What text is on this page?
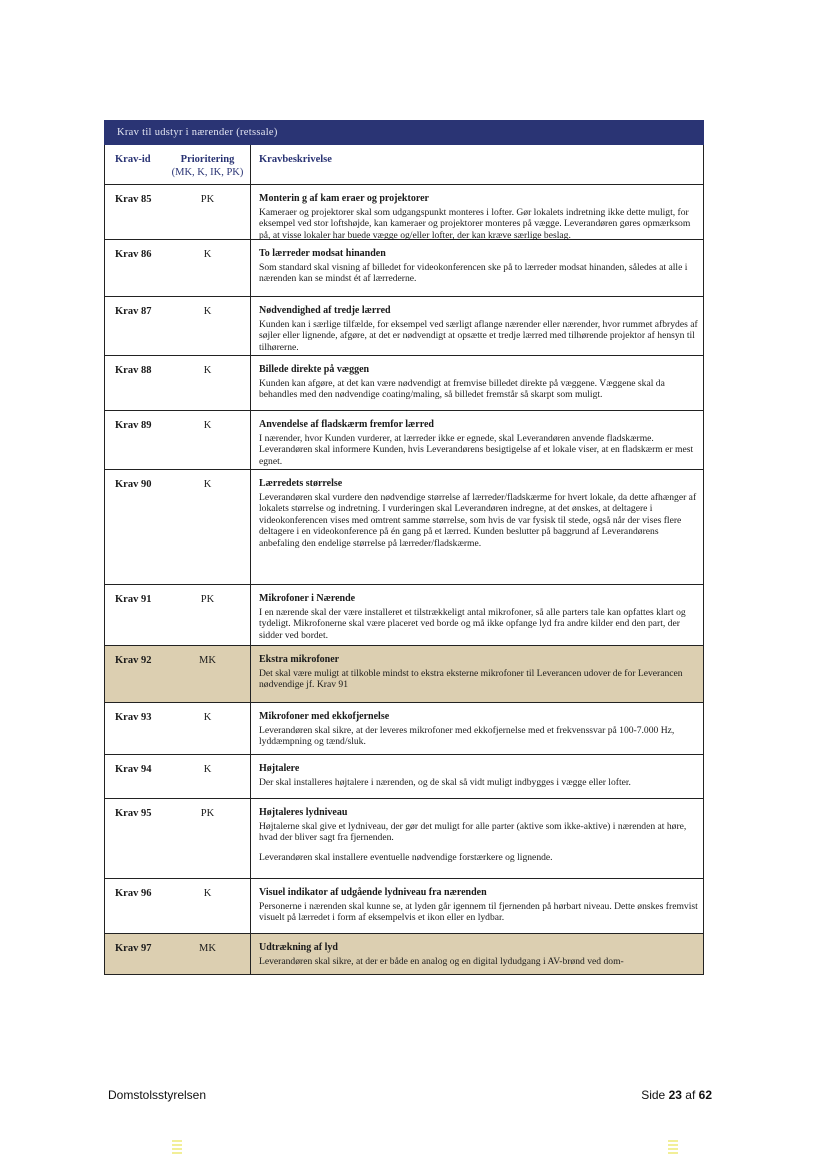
Krav til udstyr i nærender (retssale)
Krav-id	Prioritering
(MK, K, IK, PK)
Kravbeskrivelse
Krav 85	PK	Monterin g af kam eraer og projektorer
Kameraer og projektorer skal som udgangspunkt monteres i lofter. Gør lokalets indretning ikke dette muligt, for eksempel ved stor loftshøjde, kan kameraer og projektorer monteres på vægge. Leverandøren gøres opmærksom på, at visse lokaler har buede vægge og/eller lofter, der kan kræve særlige beslag.
Krav 86	K	To lærreder modsat hinanden
Som standard skal visning af billedet for videokonferencen ske på to lærreder modsat hinanden, således at alle i nærenden kan se mindst ét af lærrederne.
Krav 87	K	Nødvendighed af tredje lærred
Kunden kan i særlige tilfælde, for eksempel ved særligt aflange nærender eller nærender, hvor rummet afbrydes af søjler eller lignende, afgøre, at det er nødvendigt at opsætte et tredje lærred med tilhørende projektor af hensyn til tilhørerne.
Krav 88	K	Billede direkte på væggen
Kunden kan afgøre, at det kan være nødvendigt at fremvise billedet direkte på væggene. Væggene skal da behandles med den nødvendige coating/maling, så billedet fremstår så skarpt som muligt.
Krav 89	K	Anvendelse af fladskærm fremfor lærred
I nærender, hvor Kunden vurderer, at lærreder ikke er egnede, skal Leverandøren anvende fladskærme. Leverandøren skal informere Kunden, hvis Leverandørens besigtigelse af et lokale viser, at en fladskærm er mest egnet.
Krav 90	K	Lærredets størrelse
Leverandøren skal vurdere den nødvendige størrelse af lærreder/fladskærme for hvert lokale, da dette afhænger af lokalets størrelse og indretning. I vurderingen skal Leverandøren indregne, at det ønskes, at deltagere i videokonferencen vises med omtrent samme størrelse, som hvis de var fysisk til stede, også når der vises flere deltagere i en videokonference på én gang på et lærred. Kunden beslutter på baggrund af Leverandørens anbefaling den endelige størrelse på lærreder/fladskærme.
Krav 91	PK	Mikrofoner i Nærende
I en nærende skal der være installeret et tilstrækkeligt antal mikrofoner, så alle parters tale kan opfattes klart og tydeligt. Mikrofonerne skal være placeret ved borde og må ikke opfange lyd fra andre kilder end den part, der sidder ved bordet.
Krav 92	MK	Ekstra mikrofoner
Det skal være muligt at tilkoble mindst to ekstra eksterne mikrofoner til Leverancen udover de for Leverancen nødvendige jf. Krav 91
Krav 93	K	Mikrofoner med ekkofjernelse
Leverandøren skal sikre, at der leveres mikrofoner med ekkofjernelse med et frekvenssvar på 100-7.000 Hz, lyddæmpning og tænd/sluk.
Krav 94	K	Højtalere
Der skal installeres højtalere i nærenden, og de skal så vidt muligt indbygges i vægge eller lofter.
Krav 95	PK	Højtaleres lydniveau
Højtalerne skal give et lydniveau, der gør det muligt for alle parter (aktive som ikke-aktive) i nærenden at høre, hvad der bliver sagt fra fjernenden.
Leverandøren skal installere eventuelle nødvendige forstærkere og lignende.
Krav 96	K	Visuel indikator af udgående lydniveau fra nærenden
Personerne i nærenden skal kunne se, at lyden går igennem til fjernenden på hørbart niveau. Dette ønskes fremvist visuelt på lærredet i form af eksempelvis et ikon eller en lydbar.
Krav 97	MK	Udtrækning af lyd
Leverandøren skal sikre, at der er både en analog og en digital lydudgang i AV-brønd ved dom-
Domstolsstyrelsen	Side 23 af 62
